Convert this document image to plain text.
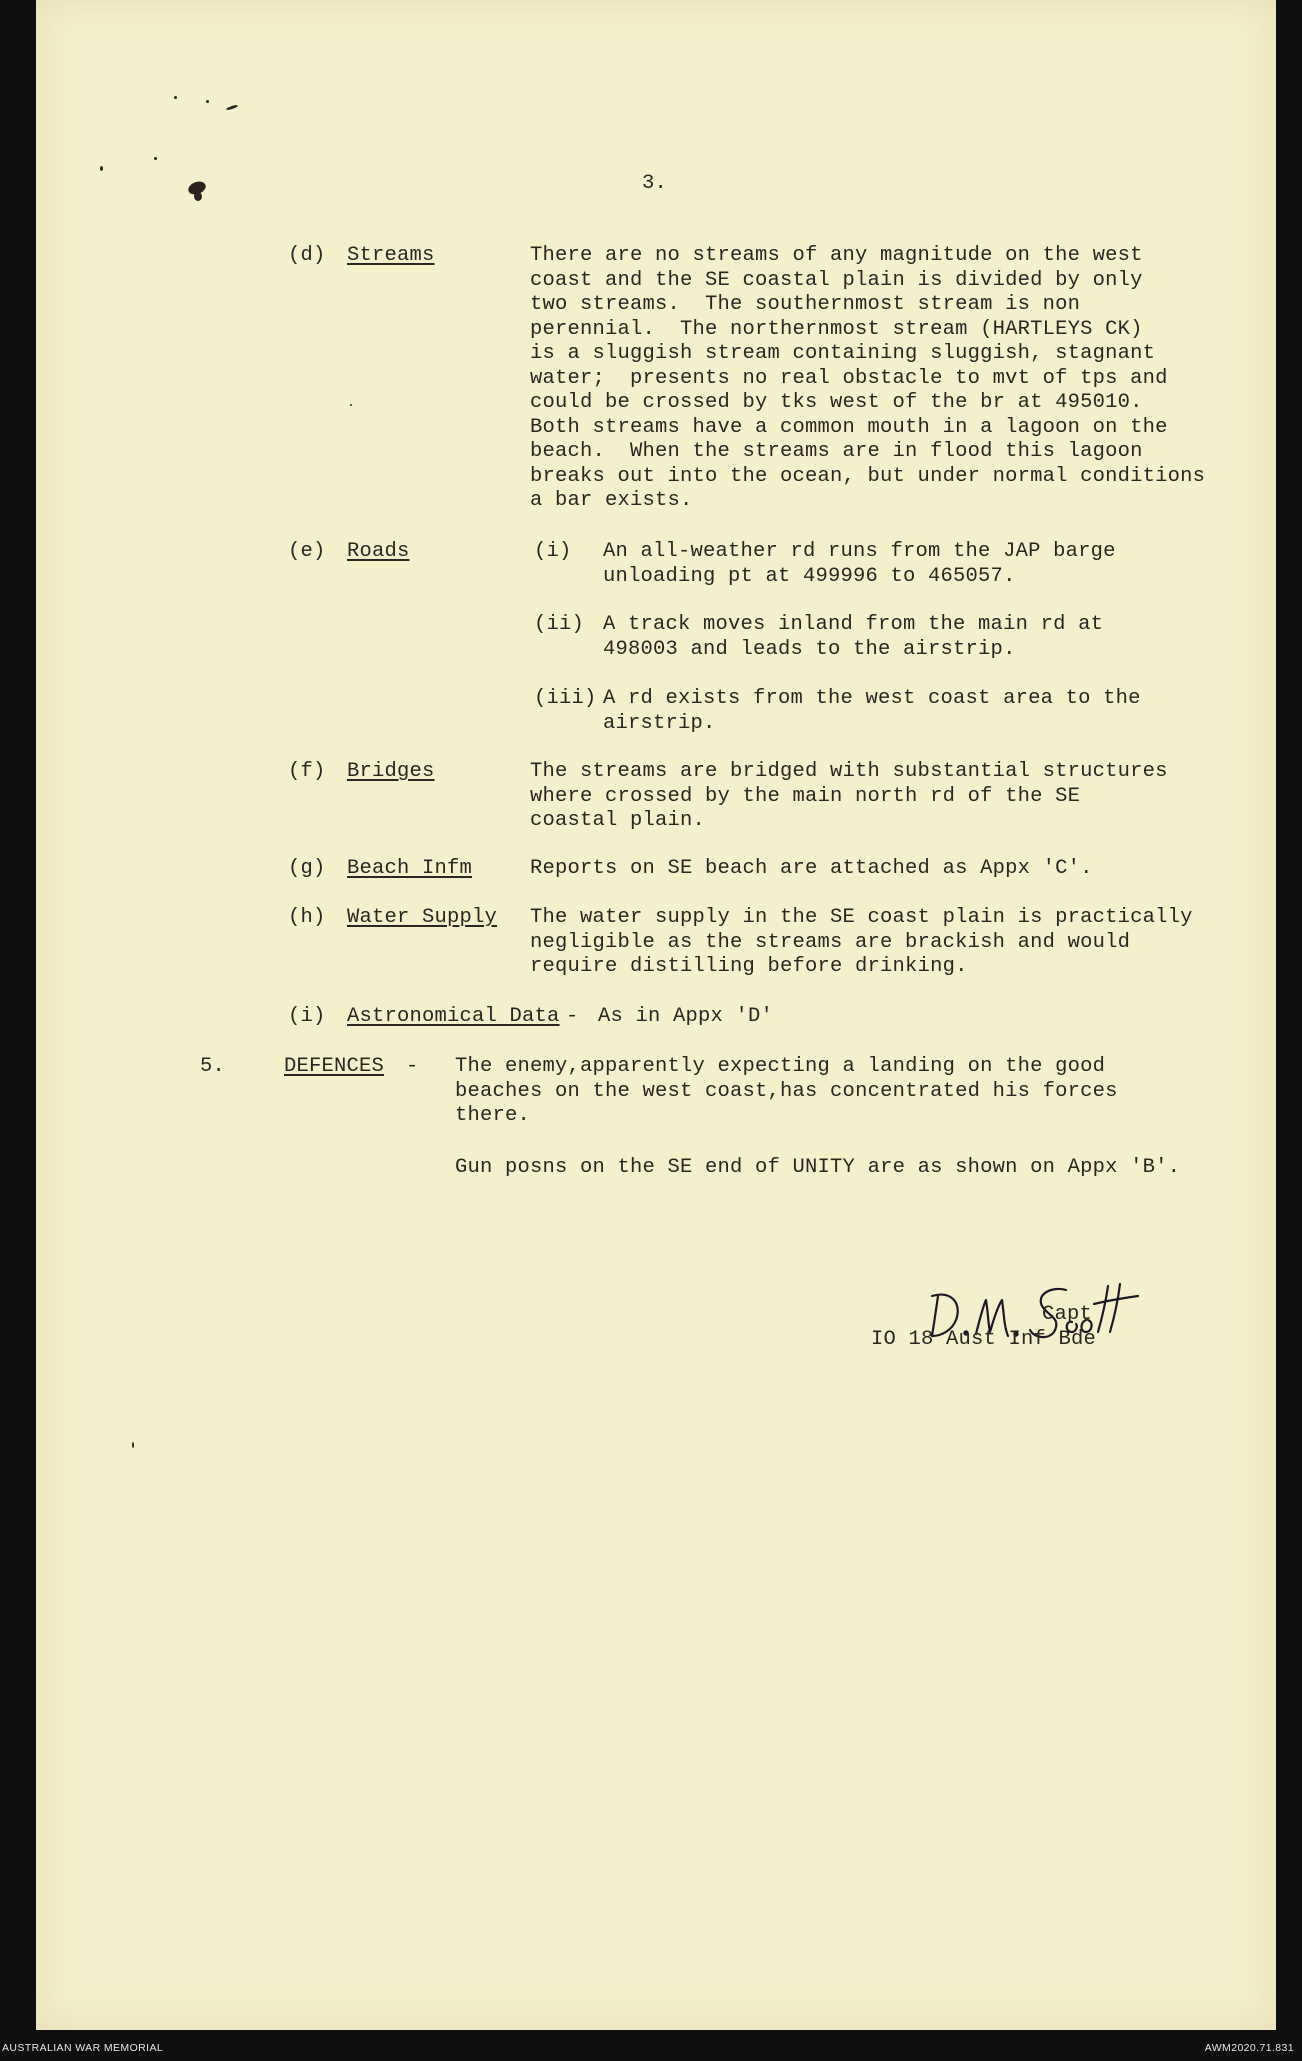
3.
(d) Streams	There are no streams of any magnitude on the west
coast and the SE coastal plain is divided by only
two streams.  The southernmost stream is non
perennial.  The northernmost stream (HARTLEYS CK)
is a sluggish stream containing sluggish, stagnant
water;  presents no real obstacle to mvt of tps and
could be crossed by tks west of the br at 495010.
Both streams have a common mouth in a lagoon on the
beach.  When the streams are in flood this lagoon
breaks out into the ocean, but under normal conditions
a bar exists.
(e) Roads	(i) An all-weather rd runs from the JAP barge
unloading pt at 499996 to 465057.
(ii) A track moves inland from the main rd at
498003 and leads to the airstrip.
(iii) A rd exists from the west coast area to the
airstrip.
(f) Bridges	The streams are bridged with substantial structures
where crossed by the main north rd of the SE
coastal plain.
(g) Beach Infm	Reports on SE beach are attached as Appx 'C'.
(h) Water Supply The water supply in the SE coast plain is practically
negligible as the streams are brackish and would
require distilling before drinking.
(i) Astronomical Data - As in Appx 'D'
5.	DEFENCES - The enemy,apparently expecting a landing on the good
beaches on the west coast,has concentrated his forces
there.
Gun posns on the SE end of UNITY are as shown on Appx 'B'.
Capt
IO 18 Aust Inf Bde
AUSTRALIAN WAR MEMORIAL	AWM2020.71.831
